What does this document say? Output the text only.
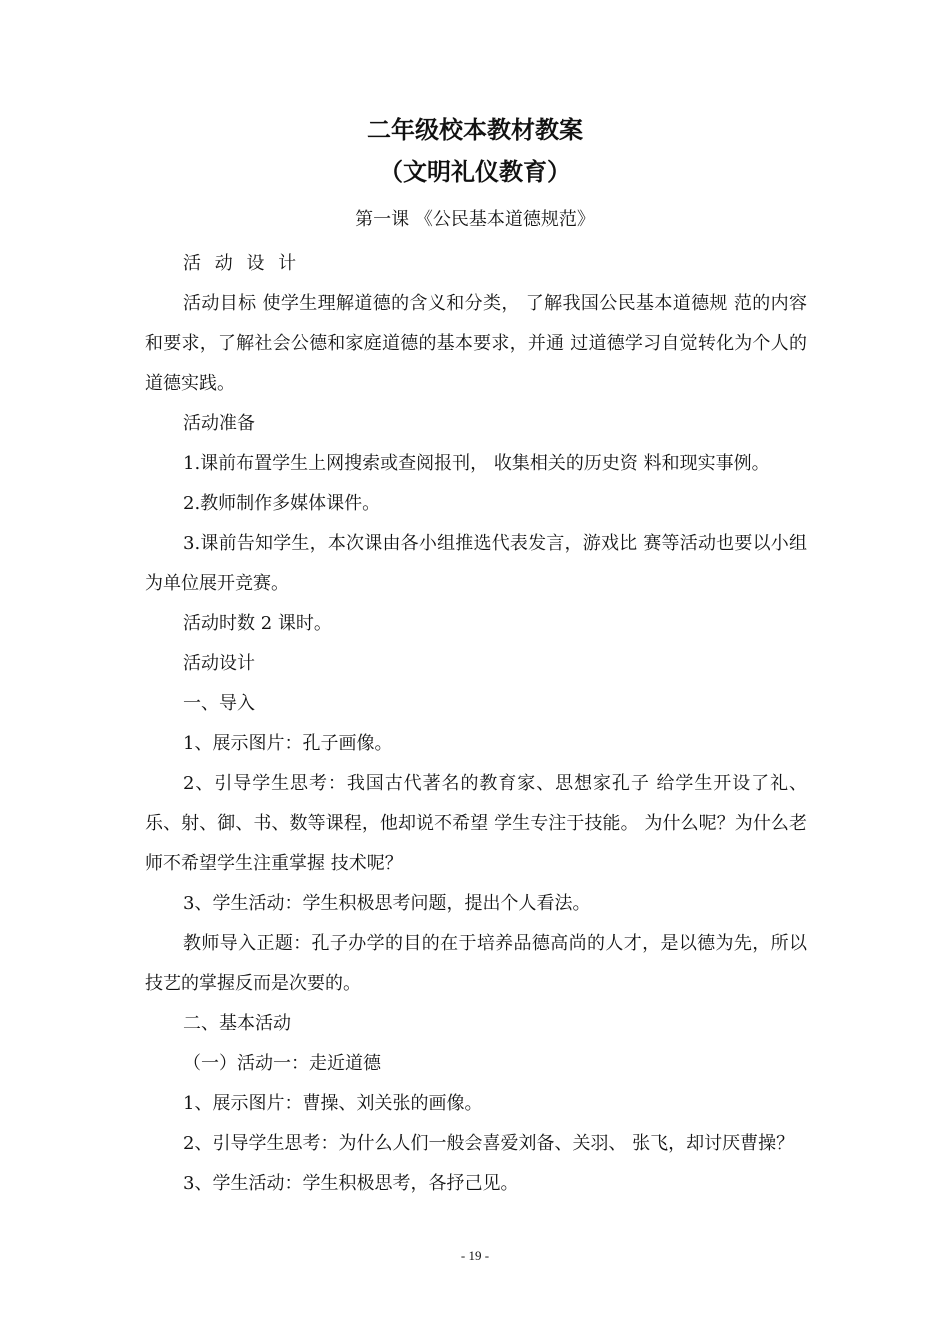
二年级校本教材教案
（文明礼仪教育）
第一课 《公民基本道德规范》

活 动 设 计

活动目标 使学生理解道德的含义和分类， 了解我国公民基本道德规 范的内容和要求，了解社会公德和家庭道德的基本要求，并通 过道德学习自觉转化为个人的道德实践。

活动准备

1.课前布置学生上网搜索或查阅报刊， 收集相关的历史资 料和现实事例。

2.教师制作多媒体课件。

3.课前告知学生，本次课由各小组推选代表发言，游戏比 赛等活动也要以小组为单位展开竞赛。

活动时数 2 课时。

活动设计

一、导入

1、展示图片：孔子画像。

2、引导学生思考：我国古代著名的教育家、思想家孔子 给学生开设了礼、乐、射、御、书、数等课程，他却说不希望 学生专注于技能。 为什么呢？为什么老师不希望学生注重掌握 技术呢？

3、学生活动：学生积极思考问题，提出个人看法。

教师导入正题：孔子办学的目的在于培养品德高尚的人才，是以德为先，所以技艺的掌握反而是次要的。

二、基本活动

（一）活动一：走近道德

1、展示图片：曹操、刘关张的画像。

2、引导学生思考：为什么人们一般会喜爱刘备、关羽、 张飞，却讨厌曹操？

3、学生活动：学生积极思考，各抒己见。

- 19 -
